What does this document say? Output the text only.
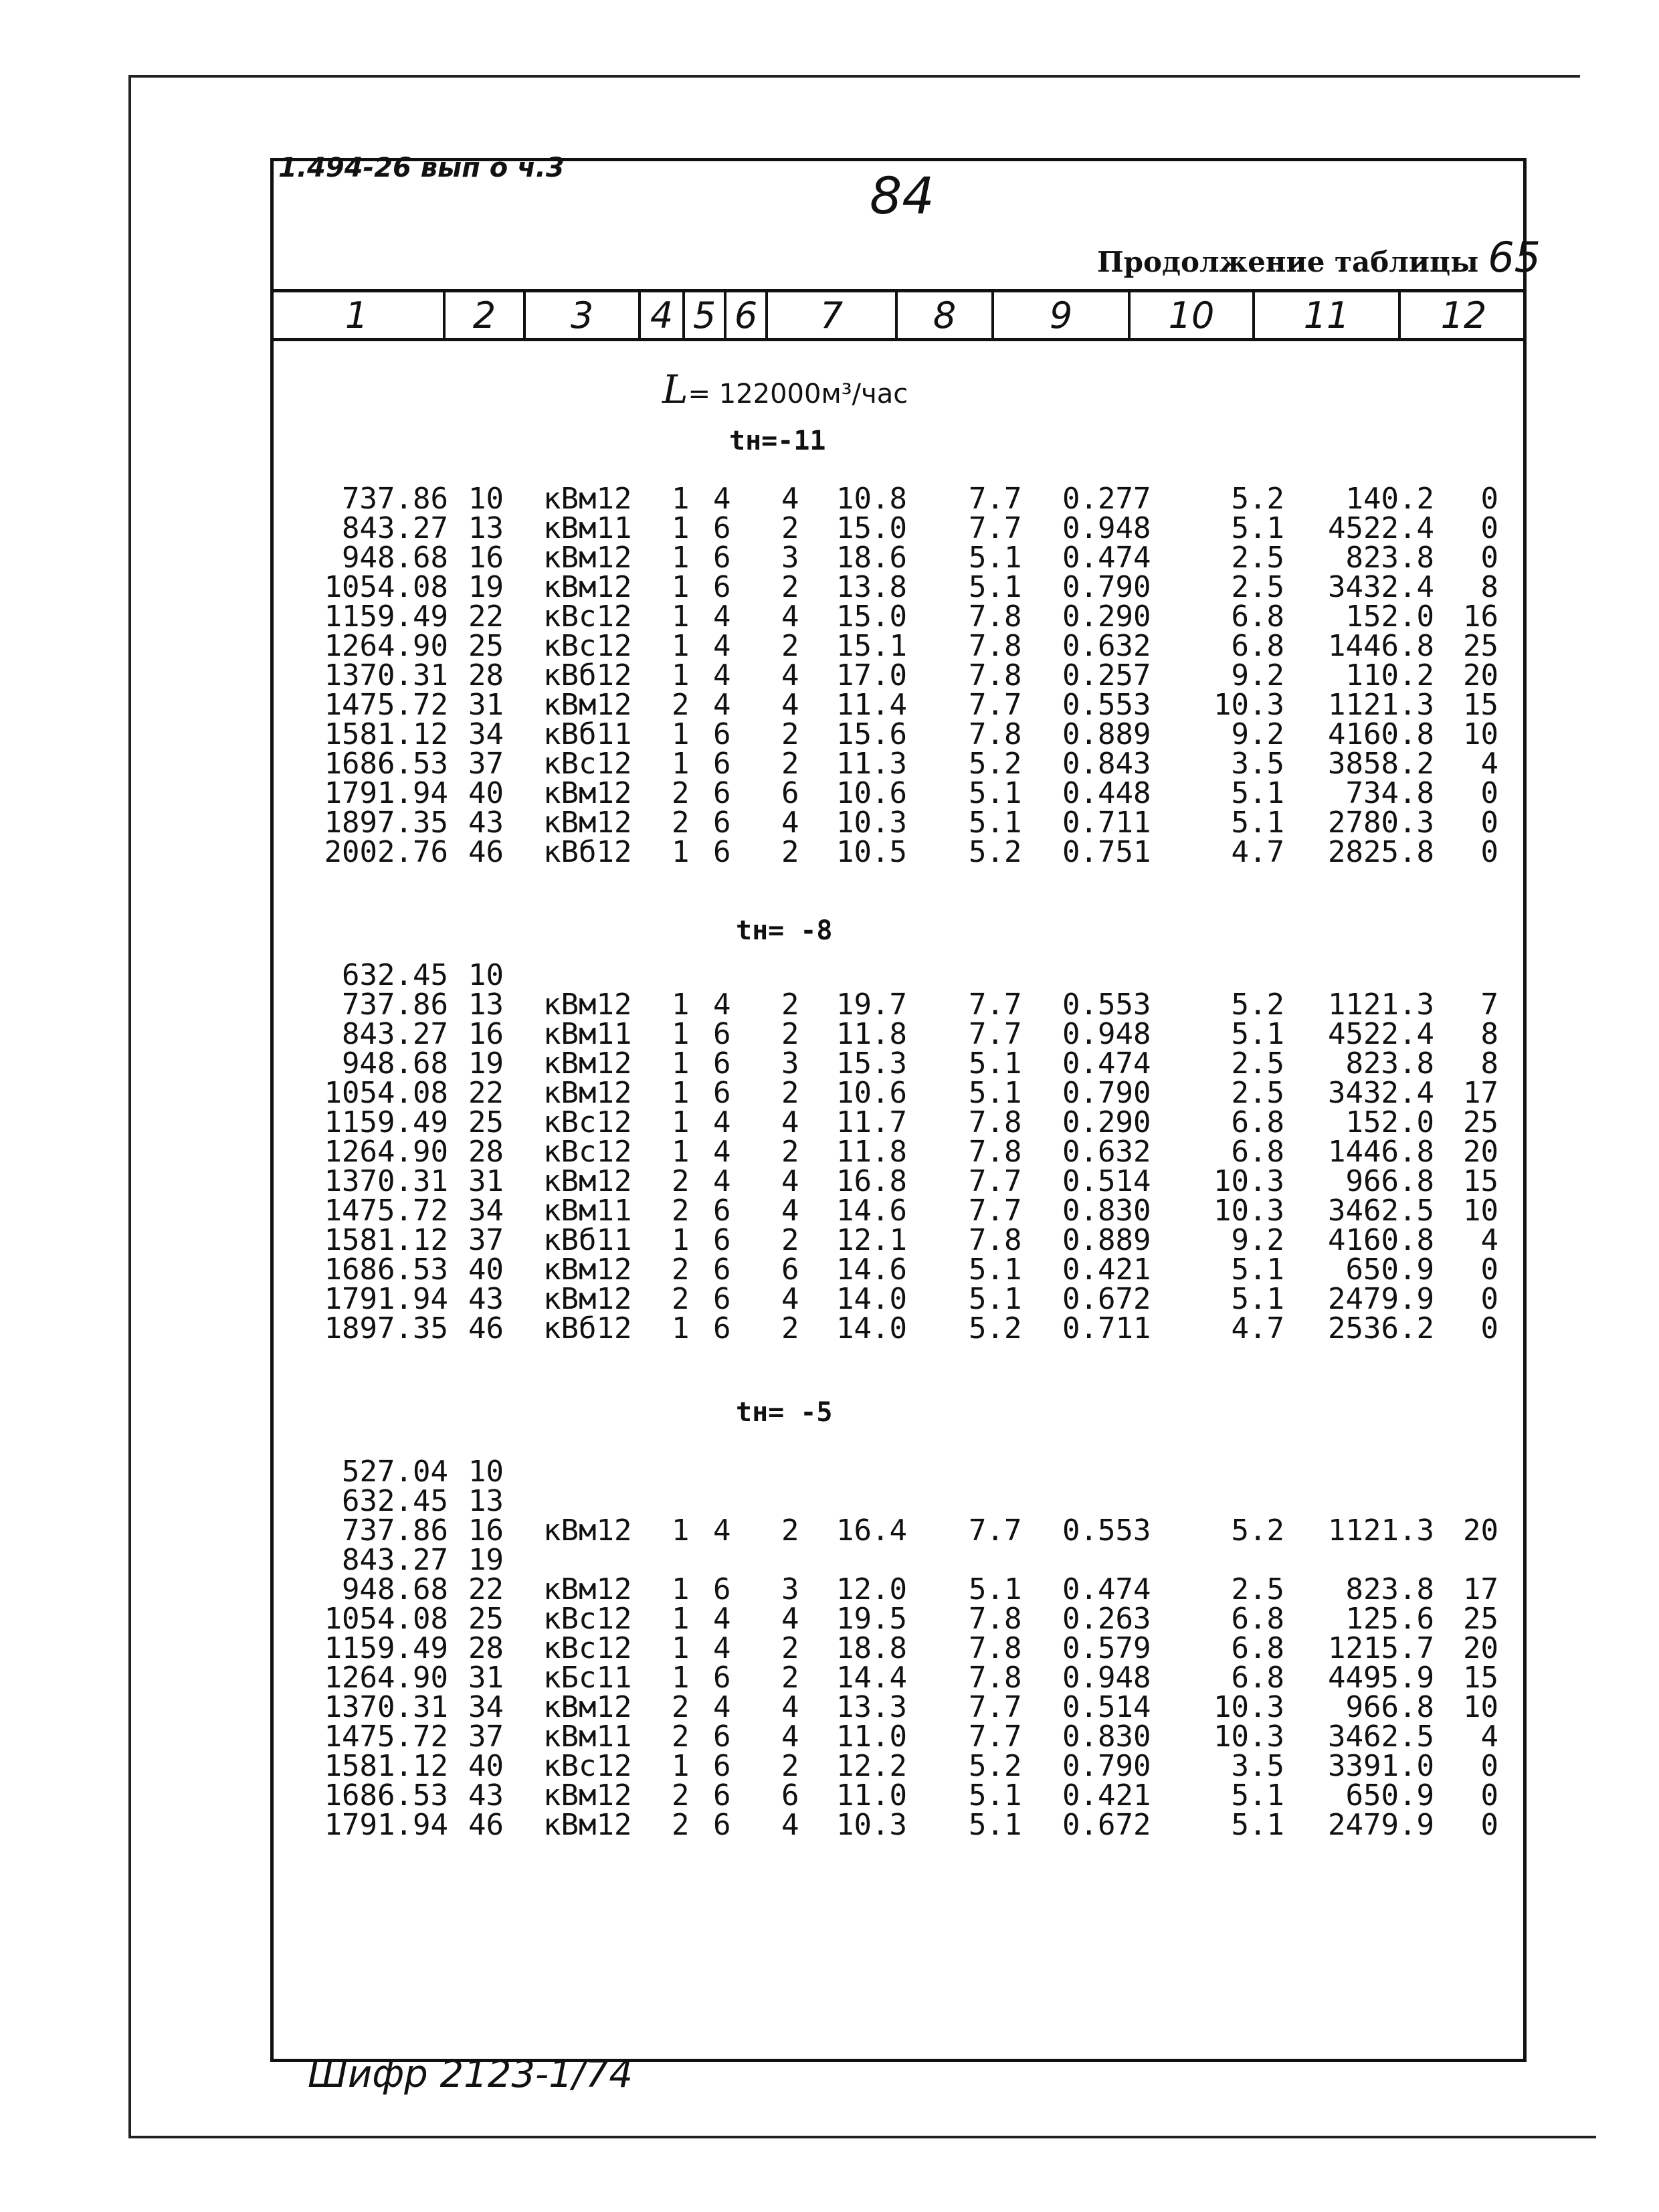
1.494-26 вып о ч.3	84
Продолжение таблицы 65
1	2	3	4 5 6	7	8	9	10	11	12
L= 122000м³/час
tн=-11
737.86 10	кВм12	1 4	4	10.8	7.7	0.277	5.2	140.2	0
843.27 13	кВм11	1 6	2	15.0	7.7	0.948	5.1	4522.4	0
948.68 16	кВм12	1 6	3	18.6	5.1	0.474	2.5	823.8	0
1054.08 19	кВм12	1 6	2	13.8	5.1	0.790	2.5	3432.4	8
1159.49 22	кВс12	1 4	4	15.0	7.8	0.290	6.8	152.0 16
1264.90 25	кВс12	1 4	2	15.1	7.8	0.632	6.8	1446.8 25
1370.31 28	кВб12	1 4	4	17.0	7.8	0.257	9.2	110.2 20
1475.72 31	кВм12	2 4	4	11.4	7.7	0.553	10.3	1121.3 15
1581.12 34	кВб11	1 6	2	15.6	7.8	0.889	9.2	4160.8 10
1686.53 37	кВс12	1 6	2	11.3	5.2	0.843	3.5	3858.2	4
1791.94 40	кВм12	2 6	6	10.6	5.1	0.448	5.1	734.8	0
1897.35 43	кВм12	2 6	4	10.3	5.1	0.711	5.1	2780.3	0
2002.76 46	кВб12	1 6	2	10.5	5.2	0.751	4.7	2825.8	0
tн= -8
632.45 10
737.86 13	кВм12	1 4	2	19.7	7.7	0.553	5.2	1121.3	7
843.27 16	кВм11	1 6	2	11.8	7.7	0.948	5.1	4522.4	8
948.68 19	кВм12	1 6	3	15.3	5.1	0.474	2.5	823.8	8
1054.08 22	кВм12	1 6	2	10.6	5.1	0.790	2.5	3432.4 17
1159.49 25	кВс12	1 4	4	11.7	7.8	0.290	6.8	152.0 25
1264.90 28	кВс12	1 4	2	11.8	7.8	0.632	6.8	1446.8 20
1370.31 31	кВм12	2 4	4	16.8	7.7	0.514	10.3	966.8 15
1475.72 34	кВм11	2 6	4	14.6	7.7	0.830	10.3	3462.5 10
1581.12 37	кВб11	1 6	2	12.1	7.8	0.889	9.2	4160.8	4
1686.53 40	кВм12	2 6	6	14.6	5.1	0.421	5.1	650.9	0
1791.94 43	кВм12	2 6	4	14.0	5.1	0.672	5.1	2479.9	0
1897.35 46	кВб12	1 6	2	14.0	5.2	0.711	4.7	2536.2	0
tн= -5
527.04 10
632.45 13
737.86 16	кВм12	1 4	2	16.4	7.7	0.553	5.2	1121.3 20
843.27 19
948.68 22	кВм12	1 6	3	12.0	5.1	0.474	2.5	823.8 17
1054.08 25	кВс12	1 4	4	19.5	7.8	0.263	6.8	125.6 25
1159.49 28	кВс12	1 4	2	18.8	7.8	0.579	6.8	1215.7 20
1264.90 31	кБс11	1 6	2	14.4	7.8	0.948	6.8	4495.9 15
1370.31 34	кВм12	2 4	4	13.3	7.7	0.514	10.3	966.8 10
1475.72 37	кВм11	2 6	4	11.0	7.7	0.830	10.3	3462.5	4
1581.12 40	кВс12	1 6	2	12.2	5.2	0.790	3.5	3391.0	0
1686.53 43	кВм12	2 6	6	11.0	5.1	0.421	5.1	650.9	0
1791.94 46	кВм12	2 6	4	10.3	5.1	0.672	5.1	2479.9	0
Шифр 2123-1/74
